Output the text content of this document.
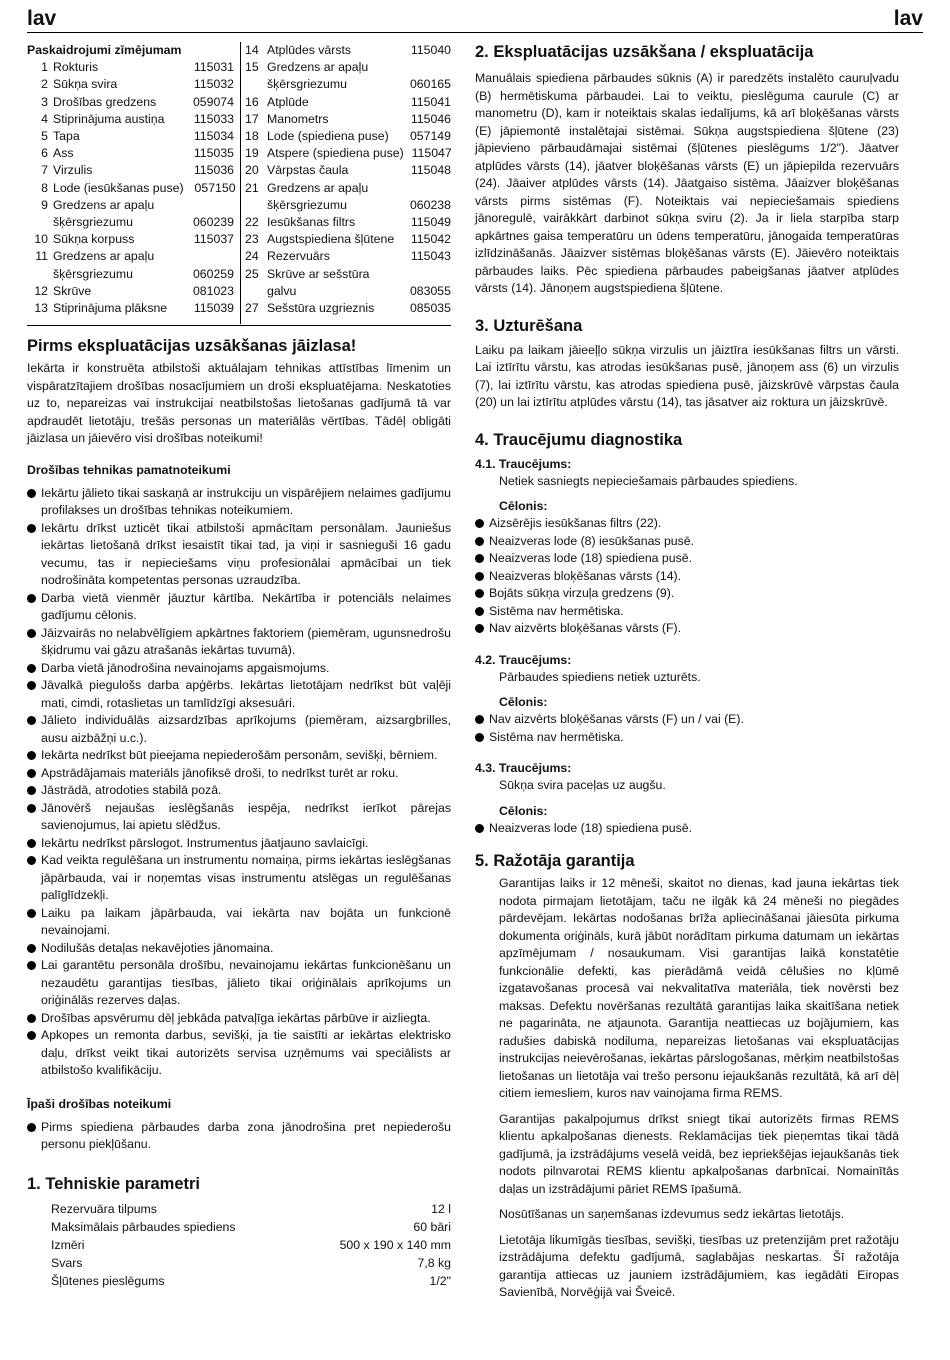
lav	lav
Paskaidrojumi zīmējumam
1 Rokturis	115031
2 Sūkņa svira	115032
3 Drošības gredzens	059074
4 Stiprinājuma austiņa	115033
5 Tapa	115034
6 Ass	115035
7 Virzulis	115036
8 Lode (iesūkšanas puse) 057150
9 Gredzens ar apaļu
šķērsgriezumu	060239
10 Sūkņa korpuss	115037
11 Gredzens ar apaļu
šķērsgriezumu	060259
12 Skrūve	081023
13 Stiprinājuma plāksne	115039
14 Atplūdes vārsts	115040
15 Gredzens ar apaļu
šķērsgriezumu	060165
16 Atplūde	115041
17 Manometrs	115046
18 Lode (spiediena puse)	057149
19 Atspere (spiediena puse) 115047
20 Vārpstas čaula	115048
21 Gredzens ar apaļu
šķērsgriezumu	060238
22 Iesūkšanas filtrs	115049
23 Augstspiediena šļūtene	115042
24 Rezervuārs	115043
25 Skrūve ar sešstūra
galvu	083055
27 Sešstūra uzgrieznis	085035
Pirms ekspluatācijas uzsākšanas jāizlasa!

Iekārta ir konstruēta atbilstoši aktuālajam tehnikas attīstības līmenim un vispāratzītajiem drošības nosacījumiem un droši ekspluatējama. Neskatoties uz to, nepareizas vai instrukcijai neatbilstošas lietošanas gadījumā tā var apdraudēt lietotāju, trešās personas un materiālās vērtības. Tādēļ obligāti jāizlasa un jāievēro visi drošības noteikumi!

Drošības tehnikas pamatnoteikumi
Iekārtu jālieto tikai saskaņā ar instrukciju un vispārējiem nelaimes gadījumu profilakses un drošības tehnikas noteikumiem.
Iekārtu drīkst uzticēt tikai atbilstoši apmācītam personālam. Jauniešus iekārtas lietošanā drīkst iesaistīt tikai tad, ja viņi ir sasnieguši 16 gadu vecumu, tas ir nepieciešams viņu profesionālai apmācībai un tiek nodrošināta kompetentas personas uzraudzība.
Darba vietā vienmēr jāuztur kārtība. Nekārtība ir potenciāls nelaimes gadījumu cēlonis.
Jāizvairās no nelabvēlīgiem apkārtnes faktoriem (piemēram, ugunsnedrošu šķidrumu vai gāzu atrašanās iekārtas tuvumā).
Darba vietā jānodrošina nevainojams apgaismojums.
Jāvalkā piegulošs darba apģērbs. Iekārtas lietotājam nedrīkst būt vaļēji mati, cimdi, rotaslietas un tamlīdzīgi aksesuāri.
Jālieto individuālās aizsardzības aprīkojums (piemēram, aizsargbrilles, ausu aizbāžņi u.c.).
Iekārta nedrīkst būt pieejama nepiederošām personām, sevišķi, bērniem.
Apstrādājamais materiāls jānofiksē droši, to nedrīkst turēt ar roku.
Jāstrādā, atrodoties stabilā pozā.
Jānovērš nejaušas ieslēgšanās iespēja, nedrīkst ierīkot pārejas savienojumus, lai apietu slēdžus.
Iekārtu nedrīkst pārslogot. Instrumentus jāatjauno savlaicīgi.
Kad veikta regulēšana un instrumentu nomaiņa, pirms iekārtas ieslēgšanas jāpārbauda, vai ir noņemtas visas instrumentu atslēgas un regulēšanas palīglīdzekļi.
Laiku pa laikam jāpārbauda, vai iekārta nav bojāta un funkcionē nevainojami.
Nodilušās detaļas nekavējoties jānomaina.
Lai garantētu personāla drošību, nevainojamu iekārtas funkcionēšanu un nezaudētu garantijas tiesības, jālieto tikai oriģinālais aprīkojums un oriģinālās rezerves daļas.
Drošības apsvērumu dēļ jebkāda patvaļīga iekārtas pārbūve ir aizliegta.
Apkopes un remonta darbus, sevišķi, ja tie saistīti ar iekārtas elektrisko daļu, drīkst veikt tikai autorizēts servisa uzņēmums vai speciālists ar atbilstošo kvalifikāciju.
Īpaši drošības noteikumi
Pirms spiediena pārbaudes darba zona jānodrošina pret nepiederošu personu piekļūšanu.
1. Tehniskie parametri
Rezervuāra tilpums	12 l
Maksimālais pārbaudes spiediens	60 bāri
Izmēri	500 x 190 x 140 mm
Svars	7,8 kg
Šļūtenes pieslēgums	1/2"
2. Ekspluatācijas uzsākšana / ekspluatācija

Manuālais spiediena pārbaudes sūknis (A) ir paredzēts instalēto cauruļvadu (B) hermētiskuma pārbaudei. Lai to veiktu, pieslēguma caurule (C) ar manometru (D), kam ir noteiktais skalas iedalījums, kā arī bloķēšanas vārsts (E) jāpiemontē instalētajai sistēmai. Sūkņa augstspiediena šļūtene (23) jāpievieno pārbaudāmajai sistēmai (šļūtenes pieslēgums 1/2"). Jāatver atplūdes vārsts (14), jāatver bloķēšanas vārsts (E) un jāpiepilda rezervuārs (24). Jāaiver atplūdes vārsts (14). Jāatgaiso sistēma. Jāaizver bloķēšanas vārsts pirms sistēmas (F). Noteiktais vai nepieciešamais spiediens jānoregulē, vairākkārt darbinot sūkņa sviru (2). Ja ir liela starpība starp apkārtnes gaisa temperatūru un ūdens temperatūru, jānogaida temperatūras izlīdzināšanās. Jāaizver sistēmas bloķēšanas vārsts (E). Jāievēro noteiktais pārbaudes laiks. Pēc spiediena pārbaudes pabeigšanas jāatver atplūdes vārsts (14). Jānoņem augstspiediena šļūtene.

3. Uzturēšana

Laiku pa laikam jāieeļļo sūkņa virzulis un jāiztīra iesūkšanas filtrs un vārsti. Lai iztīrītu vārstu, kas atrodas iesūkšanas pusē, jānoņem ass (6) un virzulis (7), lai iztīrītu vārstu, kas atrodas spiediena pusē, jāizskrūvē vārpstas čaula (20) un lai iztīrītu atplūdes vārstu (14), tas jāsatver aiz roktura un jāizskrūvē.

4. Traucējumu diagnostika
4.1. Traucējums:
Netiek sasniegts nepieciešamais pārbaudes spiediens.
Cēlonis:
Aizsērējis iesūkšanas filtrs (22).
Neaizveras lode (8) iesūkšanas pusē.
Neaizveras lode (18) spiediena pusē.
Neaizveras bloķēšanas vārsts (14).
Bojāts sūkņa virzuļa gredzens (9).
Sistēma nav hermētiska.
Nav aizvērts bloķēšanas vārsts (F).
4.2. Traucējums:
Pārbaudes spiediens netiek uzturēts.
Cēlonis:
Nav aizvērts bloķēšanas vārsts (F) un / vai (E).
Sistēma nav hermētiska.
4.3. Traucējums:
Sūkņa svira paceļas uz augšu.
Cēlonis:
Neaizveras lode (18) spiediena pusē.
5. Ražotāja garantija

Garantijas laiks ir 12 mēneši, skaitot no dienas, kad jauna iekārtas tiek nodota pirmajam lietotājam, taču ne ilgāk kā 24 mēneši no piegādes pārdevējam. Iekārtas nodošanas brīža apliecināšanai jāiesūta pirkuma dokumenta oriģināls, kurā jābūt norādītam pirkuma datumam un iekārtas apzīmējumam / nosaukumam. Visi garantijas laikā konstatētie funkcionālie defekti, kas pierādāmā veidā cēlušies no kļūmē izgatavošanas procesā vai nekvalitatīva materiāla, tiek novērsti bez maksas. Defektu novēršanas rezultātā garantijas laika skaitīšana netiek ne pagarināta, ne atjaunota. Garantija neattiecas uz bojājumiem, kas radušies dabiskā nodiluma, nepareizas lietošanas vai ekspluatācijas instrukcijas neievērošanas, iekārtas pārslogošanas, mērķim neatbilstošas lietošanas un lietotāja vai trešo personu iejaukšanās rezultātā, kā arī dēļ citiem iemesliem, kuros nav vainojama firma REMS.

Garantijas pakalpojumus drīkst sniegt tikai autorizēts firmas REMS klientu apkalpošanas dienests. Reklamācijas tiek pieņemtas tikai tādā gadījumā, ja izstrādājums veselā veidā, bez iepriekšējas iejaukšanās tiek nodots pilnvarotai REMS klientu apkalpošanas darbnīcai. Nomainītās daļas un izstrādājumi pāriet REMS īpašumā.

Nosūtīšanas un saņemšanas izdevumus sedz iekārtas lietotājs.

Lietotāja likumīgās tiesības, sevišķi, tiesības uz pretenzijām pret ražotāju izstrādājuma defektu gadījumā, saglabājas neskartas. Šī ražotāja garantija attiecas uz jauniem izstrādājumiem, kas iegādāti Eiropas Savienībā, Norvēģijā vai Šveicē.
